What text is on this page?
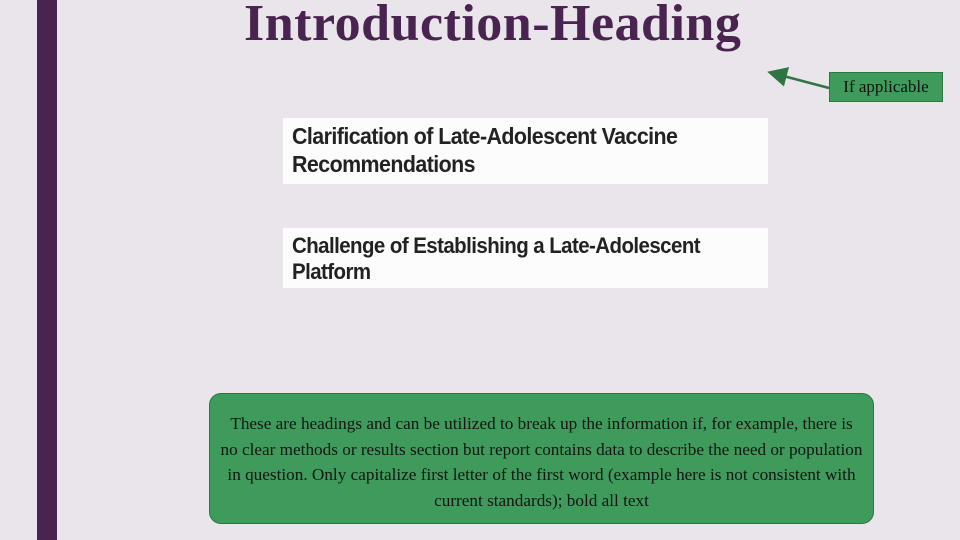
Introduction-Heading
If applicable
Clarification of Late-Adolescent Vaccine
Recommendations
Challenge of Establishing a Late-Adolescent
Platform
These are headings and can be utilized to break up the information if, for example, there is no clear methods or results section but report contains data to describe the need or population in question. Only capitalize first letter of the first word (example here is not consistent with current standards); bold all text
